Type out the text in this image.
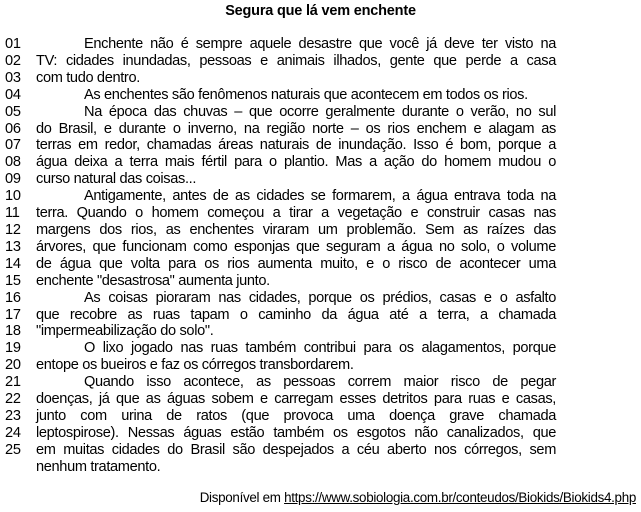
Segura que lá vem enchente
01	Enchente não é sempre aquele desastre que você já deve ter visto na
02	TV: cidades inundadas, pessoas e animais ilhados, gente que perde a casa
03	com tudo dentro.
04	As enchentes são fenômenos naturais que acontecem em todos os rios.
05	Na época das chuvas – que ocorre geralmente durante o verão, no sul
06	do Brasil, e durante o inverno, na região norte – os rios enchem e alagam as
07	terras em redor, chamadas áreas naturais de inundação. Isso é bom, porque a
08	água deixa a terra mais fértil para o plantio. Mas a ação do homem mudou o
09	curso natural das coisas...
10	Antigamente, antes de as cidades se formarem, a água entrava toda na
11	terra. Quando o homem começou a tirar a vegetação e construir casas nas
12	margens dos rios, as enchentes viraram um problemão. Sem as raízes das
13	árvores, que funcionam como esponjas que seguram a água no solo, o volume
14	de água que volta para os rios aumenta muito, e o risco de acontecer uma
15	enchente "desastrosa" aumenta junto.
16	As coisas pioraram nas cidades, porque os prédios, casas e o asfalto
17	que recobre as ruas tapam o caminho da água até a terra, a chamada
18	"impermeabilização do solo".
19	O lixo jogado nas ruas também contribui para os alagamentos, porque
20	entope os bueiros e faz os córregos transbordarem.
21	Quando isso acontece, as pessoas correm maior risco de pegar
22	doenças, já que as águas sobem e carregam esses detritos para ruas e casas,
23	junto com urina de ratos (que provoca uma doença grave chamada
24	leptospirose). Nessas águas estão também os esgotos não canalizados, que
25	em muitas cidades do Brasil são despejados a céu aberto nos córregos, sem
nenhum tratamento.
Disponível em https://www.sobiologia.com.br/conteudos/Biokids/Biokids4.php
